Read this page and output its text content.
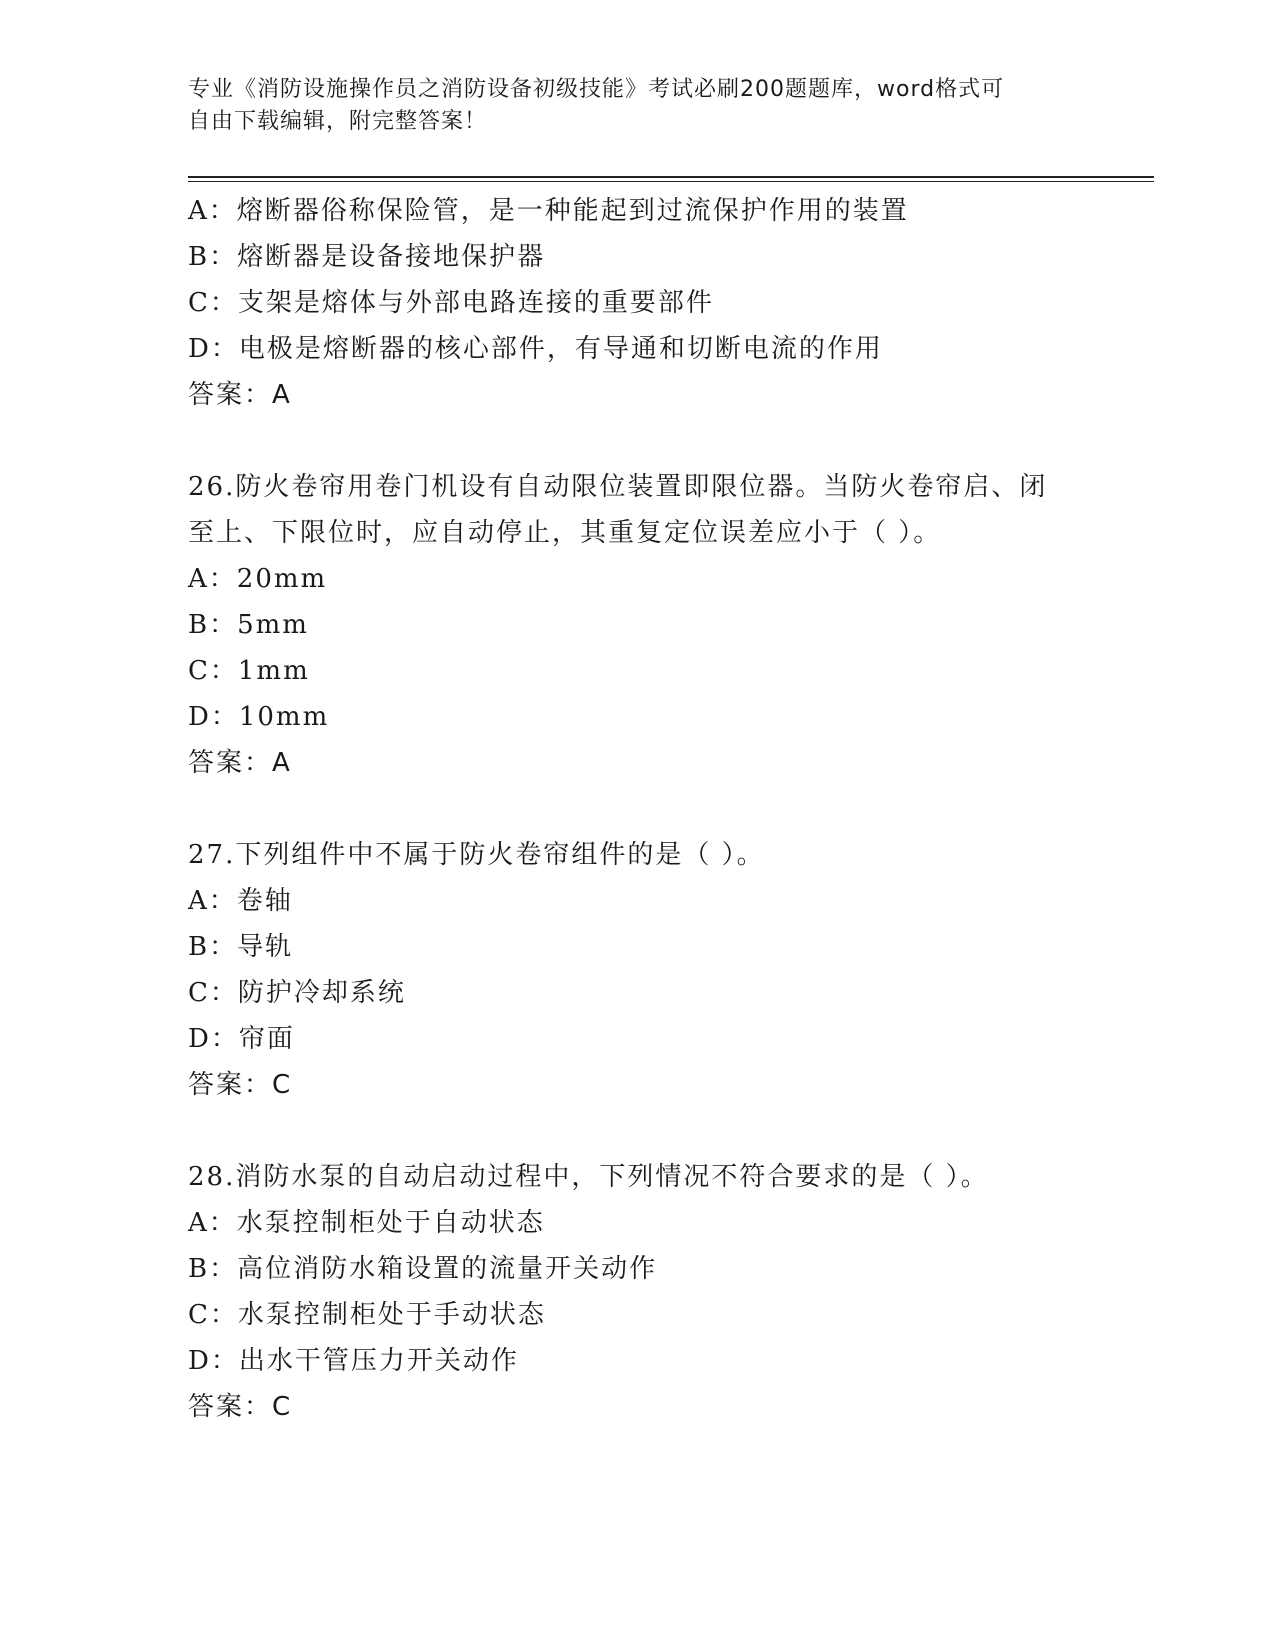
专业《消防设施操作员之消防设备初级技能》考试必刷200题题库，word格式可
自由下载编辑，附完整答案！
A：熔断器俗称保险管，是一种能起到过流保护作用的装置
B：熔断器是设备接地保护器
C：支架是熔体与外部电路连接的重要部件
D：电极是熔断器的核心部件，有导通和切断电流的作用
答案：A
26.防火卷帘用卷门机设有自动限位装置即限位器。当防火卷帘启、闭
至上、下限位时，应自动停止，其重复定位误差应小于（ ）。
A：20mm
B：5mm
C：1mm
D：10mm
答案：A
27.下列组件中不属于防火卷帘组件的是（ ）。
A：卷轴
B：导轨
C：防护冷却系统
D：帘面
答案：C
28.消防水泵的自动启动过程中，下列情况不符合要求的是（ ）。
A：水泵控制柜处于自动状态
B：高位消防水箱设置的流量开关动作
C：水泵控制柜处于手动状态
D：出水干管压力开关动作
答案：C
